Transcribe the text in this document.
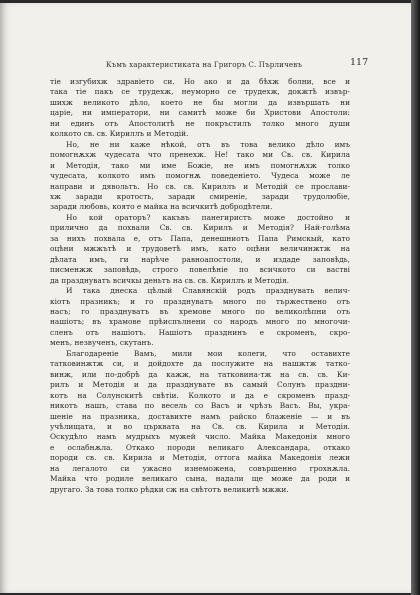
Къмъ характеристиката на Григоръ С. Пърличевъ	117
тіе изгубихж здравіето си. Но ако и да бѣхж болни, все и
така тіе пакъ се трудехж, неуморно се трудехж, докжтѣ извър-
шихж великото дѣло, което не бы могли да извършать ни
царіе, ни императори, ни самитѣ може би Христови Апостоли:
ни единъ отъ Апостолитѣ не покръстилъ толко много души
колкото св. св. Кириллъ и Методій.
Но, не ни каже нѣкой, отъ въ това велико дѣло имъ
помогнѫхж чудесата что пренехж. Не! тако ми Св. св. Кирила
и Методія, тако ми име Божіе, не имъ помогнѫхж толко
чудесата, колкото имъ помогнѫ поведеніето. Чудеса може ле
направи и дявольтъ. Но св. св. Кириллъ и Методій се прослави-
хж заради кротость, заради смиреніе, заради трудолюбіе,
заради любовь, която е майка на всичкитѣ добродѣтели.
Но кой ораторъ? какъвъ панегиристъ може достойно и
прилично да похвали Св. св. Кирилъ и Методія? Най-голѣма
за нихъ похвала е, отъ Папа, денешниотъ Папа Римскый, като
оцѣни мжжътѣ и трудоветѣ имъ, като оцѣни величинжтж на
дѣлата имъ, ги нарѣче равноапостоли, и издаде заповѣдь,
писменжж заповѣдь, строго повелѣніе по всичкото си вастві
да празднуватъ всичкы деньтъ на св. св. Кириллъ и Методія.
И така днеска цѣлый Славянскій родъ празднувать велич-
кіотъ празникъ; и го празднуватъ много по тържествено отъ
насъ; го празднуватъ въ хремове много по великолѣпни отъ
нашіотъ; въ храмове прѣиспълнени со народъ много по многочи-
сленъ отъ нашіотъ. Нашіотъ празднинъ е скроменъ, скро-
менъ, незвученъ, скутанъ.
Благодареніе Вамъ, мили мои колеги, что оставихте
татковинжтж си, и дойдохте да послужите на нашжтж татко-
винж, или по-добрѣ да кажж, на татковина-тж на св. св. Ки-
рилъ и Методія и да празднувате въ самый Солунъ праздни-
котъ на Солунскитѣ свѣтіи. Колкото и да е скроменъ празд-
никотъ нашъ, става по весель со Васъ и чрѣзъ Васъ. Вы, укра-
шеніе на празника, доставихте намъ райско блаженіе — и въ
учѣлищата, и во църквата на Св. св. Кирила и Методія.
Оскудѣло намъ мудрыхъ мужей число. Майка Македонія много
е ослабнѫла. Откако породи великаго Александара, откако
породи св. св. Кирила и Методія, оттога майка Македонія лежи
на легалото си ужасно изнеможена, совършенно грохнѫла.
Майка что родиле великаго сына, надали ще може да роди и
другаго. За това толко рѣдки сж на свѣтотъ великитѣ мжжи.
